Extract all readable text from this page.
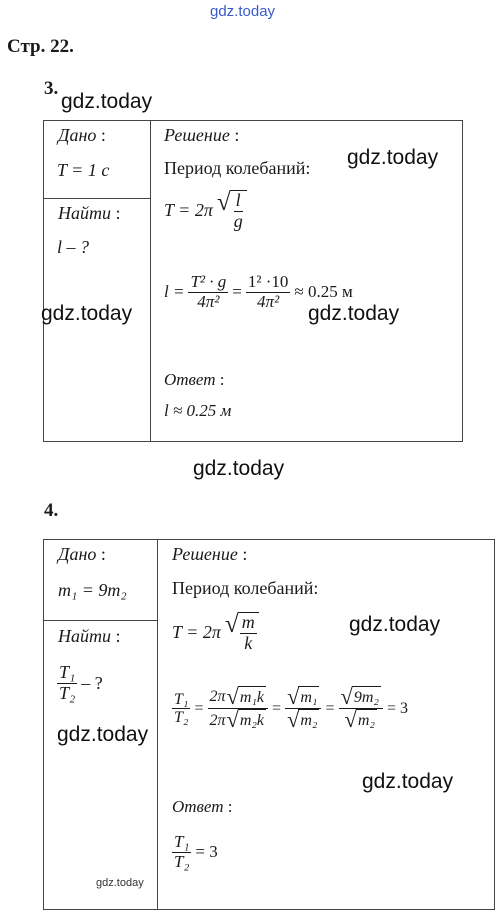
gdz.today
Стр. 22.
3.
gdz.today
Дано :
T = 1 c
Найти :
l – ?
Решение :
Период колебаний: gdz.today
T = 2π √ $\frac{l}{g}$
$l = \frac{\text{T² · g}}{\text{4π²}} = \frac{\text{1² ·10}}{\text{4π²}} \approx 0.25$ м
gdz.today	gdz.today
Ответ :
l ≈ 0.25 м
gdz.today
4.
Дано :
m₁ = 9m₂
Найти :
$\frac{\text{T₁}}{\text{T₂}}$ – ?
Решение :
Период колебаний:
T = 2π √ $\frac{m}{k}$	gdz.today
$\frac{\text{T₁}}{\text{T₂}} = \frac{\text{2π √ m₁k}}{\text{2π √ m₂k}} = \frac{\text{√ m₁}}{\text{√ m₂}} = \frac{\text{√ 9m₂}}{\text{√ m₂}} = 3$
gdz.today
gdz.today
Ответ :
$\frac{\text{T₁}}{\text{T₂}} = 3$
gdz.today
